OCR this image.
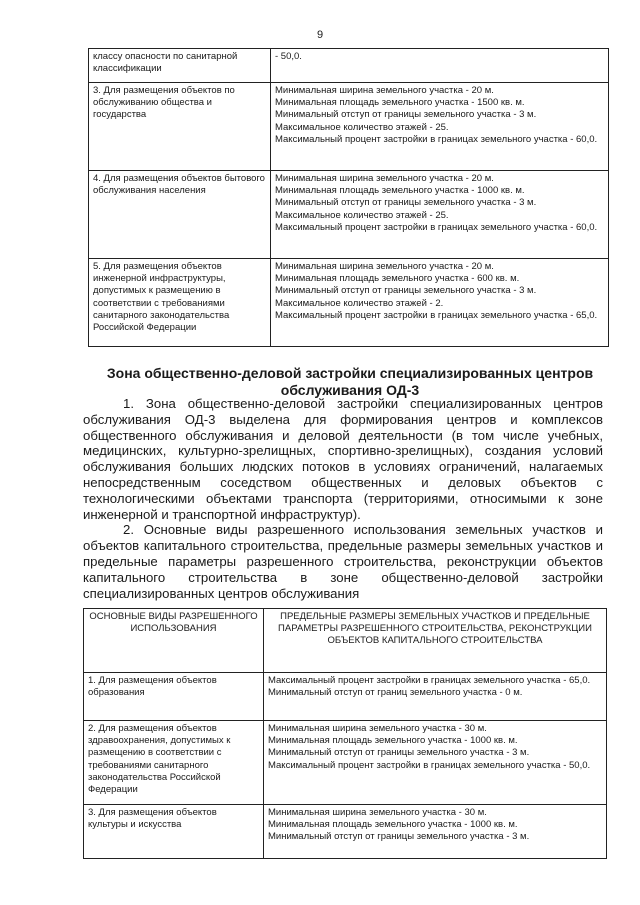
9
классу опасности по санитарной классификации	- 50,0.

3. Для размещения объектов по обслуживанию общества и государства	Минимальная ширина земельного участка - 20 м.
Минимальная площадь земельного участка - 1500 кв. м.
Минимальный отступ от границы земельного участка - 3 м.
Максимальное количество этажей - 25.
Максимальный процент застройки в границах земельного участка - 60,0.

4. Для размещения объектов бытового обслуживания населения	Минимальная ширина земельного участка - 20 м.
Минимальная площадь земельного участка - 1000 кв. м.
Минимальный отступ от границы земельного участка - 3 м.
Максимальное количество этажей - 25.
Максимальный процент застройки в границах земельного участка - 60,0.

5. Для размещения объектов инженерной инфраструктуры, допустимых к размещению в соответствии с требованиями санитарного законодательства Российской Федерации	Минимальная ширина земельного участка - 20 м.
Минимальная площадь земельного участка - 600 кв. м.
Минимальный отступ от границы земельного участка - 3 м.
Максимальное количество этажей - 2.
Максимальный процент застройки в границах земельного участка - 65,0.
Зона общественно-деловой застройки специализированных центров обслуживания ОД-3

1. Зона общественно-деловой застройки специализированных центров обслуживания ОД-3 выделена для формирования центров и комплексов общественного обслуживания и деловой деятельности (в том числе учебных, медицинских, культурно-зрелищных, спортивно-зрелищных), создания условий обслуживания больших людских потоков в условиях ограничений, налагаемых непосредственным соседством общественных и деловых объектов с технологическими объектами транспорта (территориями, относимыми к зоне инженерной и транспортной инфраструктур).

2. Основные виды разрешенного использования земельных участков и объектов капитального строительства, предельные размеры земельных участков и предельные параметры разрешенного строительства, реконструкции объектов капитального строительства в зоне общественно-деловой застройки специализированных центров обслуживания

ОСНОВНЫЕ ВИДЫ РАЗРЕШЕННОГО ИСПОЛЬЗОВАНИЯ	ПРЕДЕЛЬНЫЕ РАЗМЕРЫ ЗЕМЕЛЬНЫХ УЧАСТКОВ И ПРЕДЕЛЬНЫЕ ПАРАМЕТРЫ РАЗРЕШЕННОГО СТРОИТЕЛЬСТВА, РЕКОНСТРУКЦИИ ОБЪЕКТОВ КАПИТАЛЬНОГО СТРОИТЕЛЬСТВА
1. Для размещения объектов образования	Максимальный процент застройки в границах земельного участка - 65,0.
Минимальный отступ от границ земельного участка - 0 м.

2. Для размещения объектов здравоохранения, допустимых к размещению в соответствии с требованиями санитарного законодательства Российской Федерации	Минимальная ширина земельного участка - 30 м.
Минимальная площадь земельного участка - 1000 кв. м.
Минимальный отступ от границы земельного участка - 3 м.
Максимальный процент застройки в границах земельного участка - 50,0.

3. Для размещения объектов культуры и искусства	Минимальная ширина земельного участка - 30 м.
Минимальная площадь земельного участка - 1000 кв. м.
Минимальный отступ от границы земельного участка - 3 м.
